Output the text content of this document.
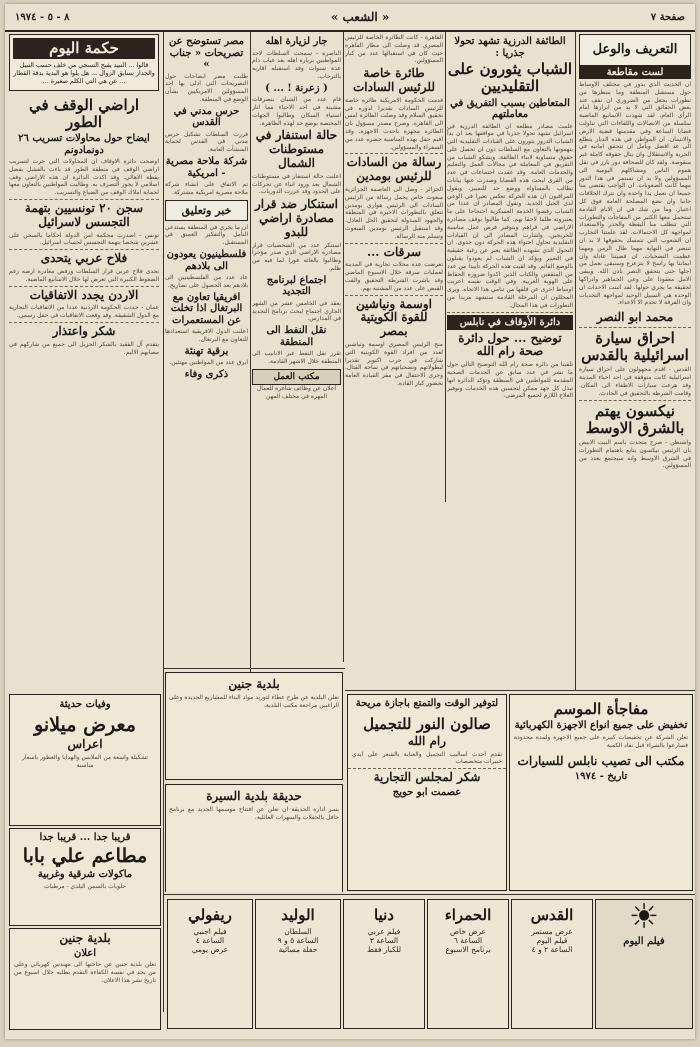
صفحة ٧
« الشعب »
٨ - ٥ - ١٩٧٤
التعريف والوعل
لست مقاطعة
ان الحديث الذي يدور في مختلف الاوساط حول مستقبل المنطقة وما ينتظرها من تطورات يجعل من الضروري ان نقف عند بعض الحقائق التي لا بد من ابرازها امام الرأي العام. لقد شهدت الاسابيع الماضية سلسلة من الاتصالات واللقاءات التي تناولت قضايا الساعة وفي مقدمتها قضية الارض والانسان. ان المواطن في هذه الديار يتطلع الى غد افضل ويأمل ان تتحقق امانيه في الحرية والاستقلال وان ينال حقوقه كاملة غير منقوصة. ولقد كان للصحافة دور بارز في نقل هموم الناس ومشاكلهم اليومية الى المسؤولين ولا بد ان نستمر في هذا الدور مهما كانت الصعوبات. ان الواجب يقتضي منا جميعا ان نعمل يدا واحدة وان نترك الخلافات جانبا وان نضع المصلحة العامة فوق كل اعتبار. وما من شك في ان الايام القادمة ستحمل معها الكثير من المفاجآت والتطورات التي تتطلب منا اليقظة والحذر والاستعداد لمواجهة كل الاحتمالات. لقد علمتنا التجارب ان الشعوب التي تتمسك بحقوقها لا بد ان تنتصر في النهاية مهما طال الزمن ومهما عظمت التضحيات. ان قضيتنا عادلة وان ايماننا بها راسخ لا يتزعزع وسنبقى نعمل من اجلها حتى يتحقق النصر باذن الله. ويبقى الامل معقودا على وعي الجماهير وادراكها لحقيقة ما يجري حولها. لقد اثبتت الاحداث ان الوحدة هي السبيل الوحيد لمواجهة التحديات وان الفرقة لا تخدم الا الاعداء.
محمد ابو النصر
احراق سيارة اسرائيلية بالقدس
القدس - اقدم مجهولون على احراق سيارة اسرائيلية كانت متوقفة في احد احياء المدينة وقد هرعت سيارات الاطفاء الى المكان. وقامت الشرطة بالتحقيق في الحادث.
نيكسون يهتم بالشرق الاوسط
واشنطن - صرح متحدث باسم البيت الابيض بان الرئيس نيكسون يتابع باهتمام التطورات في الشرق الاوسط وانه سيجتمع بعدد من المسؤولين.
الطائفة الدرزية تشهد تحولا جذريا :
الشباب يثورون على التقليديين
المتعاطين بسبب التفريق في معاملتهم
علمت مصادر مطلعة ان الطائفة الدرزية في اسرائيل تشهد تحولا جذريا في مواقفها بعد ان بدأ الشباب الدروز يثورون على القيادات التقليدية التي يتهمونها بالتعاون مع السلطات دون ان تحصل على حقوق متساوية لابناء الطائفة. ويشكو الشباب من التفريق في المعاملة في مجالات العمل والتعليم والخدمات العامة. وقد عقدت اجتماعات في عدد من القرى لبحث هذه القضايا وصدرت عنها بيانات تطالب بالمساواة ووضع حد للتمييز. ويقول المراقبون ان هذه الحركة تعكس تغيرا في الوعي لدى الجيل الجديد. وتقول المصادر ان عددا من الشباب رفضوا الخدمة العسكرية احتجاجا على ما يعتبرونه ظلما لاحقا بهم. كما طالبوا بوقف مصادرة الاراضي في قراهم وبتوفير فرص عمل مناسبة للخريجين. واشارت المصادر الى ان القيادات التقليدية تحاول احتواء هذه الحركة دون جدوى. ان التحول الذي تشهده الطائفة يعبر عن رغبة حقيقية في التغيير ويؤكد ان الشباب لم يعودوا يقبلون بالوضع القائم. وقد لقيت هذه الحركة تأييدا من عدد من المثقفين والكتاب الذين اكدوا ضرورة الحفاظ على الهوية العربية. وفي الوقت نفسه اعربت اوساط اخرى عن قلقها من تنامي هذا الاتجاه. ويرى المحللون ان المرحلة القادمة ستشهد مزيدا من التطورات في هذا المجال.
دائرة الأوقاف في نابلس
توضيح ... حول دائرة صحة رام الله
تلقينا من دائرة صحة رام الله التوضيح التالي حول ما نشر في عدد سابق عن الخدمات الصحية المقدمة للمواطنين في المنطقة وتؤكد الدائرة انها تبذل كل جهد ممكن لتحسين هذه الخدمات وتوفير العلاج اللازم لجميع المرضى.
القاهرة - كانت الطائرة الخاصة للرئيس المصري قد وصلت الى مطار القاهرة حيث كان في استقبالها عدد من كبار المسؤولين.
طائرة خاصة للرئيس السادات
قدمت الحكومة الامريكية طائرة خاصة للرئيس السادات تقديرا لدوره في تحقيق السلام وقد وصلت الطائرة امس الى القاهرة. وصرح مصدر مسؤول بان الطائرة مجهزة باحدث الاجهزة. وقد اقيم حفل بهذه المناسبة حضره عدد من السفراء والمسؤولين.
رسالة من السادات للرئيس بومدين
الجزائر - وصل الى العاصمة الجزائرية مبعوث خاص يحمل رسالة من الرئيس السادات الى الرئيس هواري بومدين تتعلق بالتطورات الاخيرة في المنطقة والجهود المبذولة لتحقيق الحل العادل. وقد استقبل الرئيس بومدين المبعوث وتسلم منه الرسالة.
سرقات ...
تعرضت عدة محلات تجارية في المدينة لعمليات سرقة خلال الاسبوع الماضي وقد باشرت الشرطة التحقيق والقت القبض على عدد من المشتبه بهم.
اوسمة ونياشين للقوة الكويتية بمصر
منح الرئيس المصري اوسمة ونياشين لعدد من افراد القوة الكويتية التي شاركت في حرب اكتوبر تقديرا لبطولاتهم وتضحياتهم في ساحة القتال. وجرى الاحتفال في مقر القيادة العامة بحضور كبار القادة.
جار لزيارة اهله
الناصرة - سمحت السلطات لاحد المواطنين بزيارة اهله بعد غياب دام عدة سنوات وقد استقبله اقاربه بالترحاب.
( زعرنة ! ... )
قام عدد من الشبان بتصرفات مشينة في احد الاحياء مما اثار استياء السكان وطالبوا الجهات المختصة بوضع حد لهذه الظاهرة.
حالة استنفار في مستوطنات الشمال
اعلنت حالة استنفار في مستوطنات الشمال بعد ورود انباء عن تحركات على الحدود وقد عززت الدوريات.
استنكار ضد قرار مصادرة اراضي للبدو
استنكر عدد من الشخصيات قرار مصادرة الاراضي الذي صدر مؤخرا وطالبوا بالغائه فورا لما فيه من ظلم.
اجتماع لبرنامج التجديد
يعقد في الخامس عشر من الشهر الجاري اجتماع لبحث برنامج التجديد في المدارس.
نقل النفط الى المنطقة
تقرر نقل النفط عبر الانابيب الى المنطقة خلال الاشهر القادمة.
مكتب العمل
اعلان عن وظائف شاغرة للعمال المهرة في مختلف المهن
مصر تستوضح عن تصريحات « جناب »
طلبت مصر ايضاحات حول التصريحات التي ادلى بها احد المسؤولين الامريكيين بشأن الوضع في المنطقة.
حرس مدني في القدس
قررت السلطات تشكيل حرس مدني في القدس لحماية المنشآت العامة.
شركة ملاحة مصرية - امريكية
تم الاتفاق على انشاء شركة ملاحة مصرية امريكية مشتركة.
خبر وتعليق
ان ما يجري في المنطقة يستدعي التأمل والتفكير العميق في المستقبل.
فلسطينيون يعودون الى بلادهم
عاد عدد من الفلسطينيين الى بلادهم بعد الحصول على تصاريح.
افريقيا تعاون مع البرتغال اذا تخلت عن المستعمرات
اعلنت الدول الافريقية استعدادها للتعاون مع البرتغال.
برقية تهنئة
ابرق عدد من المواطنين مهنئين.
ذكرى وفاء
حكمة اليوم
قالوا ... النبيد يفيج النسجي من خلف حسب النبيل والجدار بسابق الزوال ... هل يلوا هو البدية بدقة القطار ... عن هي التي الكلم صغيرة ...
اراضي الوقف في الطور
ايضاح حول محاولات تسريب ٢٦ دونمادونم
اوضحت دائرة الاوقاف ان المحاولات التي جرت لتسريب اراضي الوقف في منطقة الطور قد باءت بالفشل بفضل يقظة الاهالي. وقد اكدت الدائرة ان هذه الاراضي وقف اسلامي لا يجوز التصرف به. وطالبت المواطنين بالتعاون معها لحماية املاك الوقف من الضياع والتسريب.
سجن ٢٠ تونسيين بتهمة التجسس لاسرائيل
تونس - اصدرت محكمة امن الدولة احكاما بالسجن على عشرين شخصا بتهمة التجسس لحساب اسرائيل.
فلاح عربي يتحدى
تحدى فلاح عربي قرار السلطات ورفض مغادرة ارضه رغم الضغوط الكبيرة التي تعرض لها خلال الاسابيع الماضية.
الاردن يجدد الاتفاقيات
عمان - جددت الحكومة الاردنية عددا من الاتفاقيات التجارية مع الدول الشقيقة. وقد وقعت الاتفاقيات في حفل رسمي.
شكر واعتذار
يتقدم آل الفقيد بالشكر الجزيل الى جميع من شاركهم في مصابهم الاليم.
وفيات حديثة
معرض ميلانو
اعراس
تشكيلة واسعة من الملابس والهدايا والعطور باسعار مناسبة
قريبا جدا ... قريبا جدا
مطاعم علي بابا
ماكولات شرقية وغربية
حلويات بالسمن البلدي - مرطبات
بلدية جنين
اعلان
تعلن بلدية جنين عن حاجتها الى مهندس كهربائي وعلى من يجد في نفسه الكفاءة التقدم بطلبه خلال اسبوع من تاريخ نشر هذا الاعلان.
بلدية جنين
تعلن البلدية عن طرح عطاء لتوريد مواد البناء للمشاريع الجديدة وعلى الراغبين مراجعة مكتب البلدية.
حديقة بلدية السيرة
يسر ادارة الحديقة ان تعلن عن افتتاح موسمها الجديد مع برنامج حافل بالحفلات والسهرات العائلية.
لتوفير الوقت والتمتع باجازة مريحة
صالون النور للتجميل
رام الله
تقدم احدث اساليب التجميل والعناية بالشعر على ايدي خبيرات متخصصات
شكر لمجلس التجارية
عصمت ابو حويج
مفاجأة الموسم
تخفيض على جميع انواع الاجهزة الكهربائية
تعلن الشركة عن تخفيضات كبيرة على جميع الاجهزة ولمدة محدودة فسارعوا بالشراء قبل نفاد الكمية
مكتب الى تصيب نابلس للسيارات
تاريخ - ١٩٧٤
☀
فيلم اليوم
القدس
عرض مستمر
فيلم اليوم
الساعة ٢ و ٤
الحمراء
عرض خاص
الساعة ٦
برنامج الاسبوع
دنيا
فيلم عربي
الساعة ٣
للكبار فقط
الوليد
السلطان
الساعة ٥ و ٩
حفلة مسائية
ريفولي
فيلم اجنبي
الساعة ٤
عرض يومي
